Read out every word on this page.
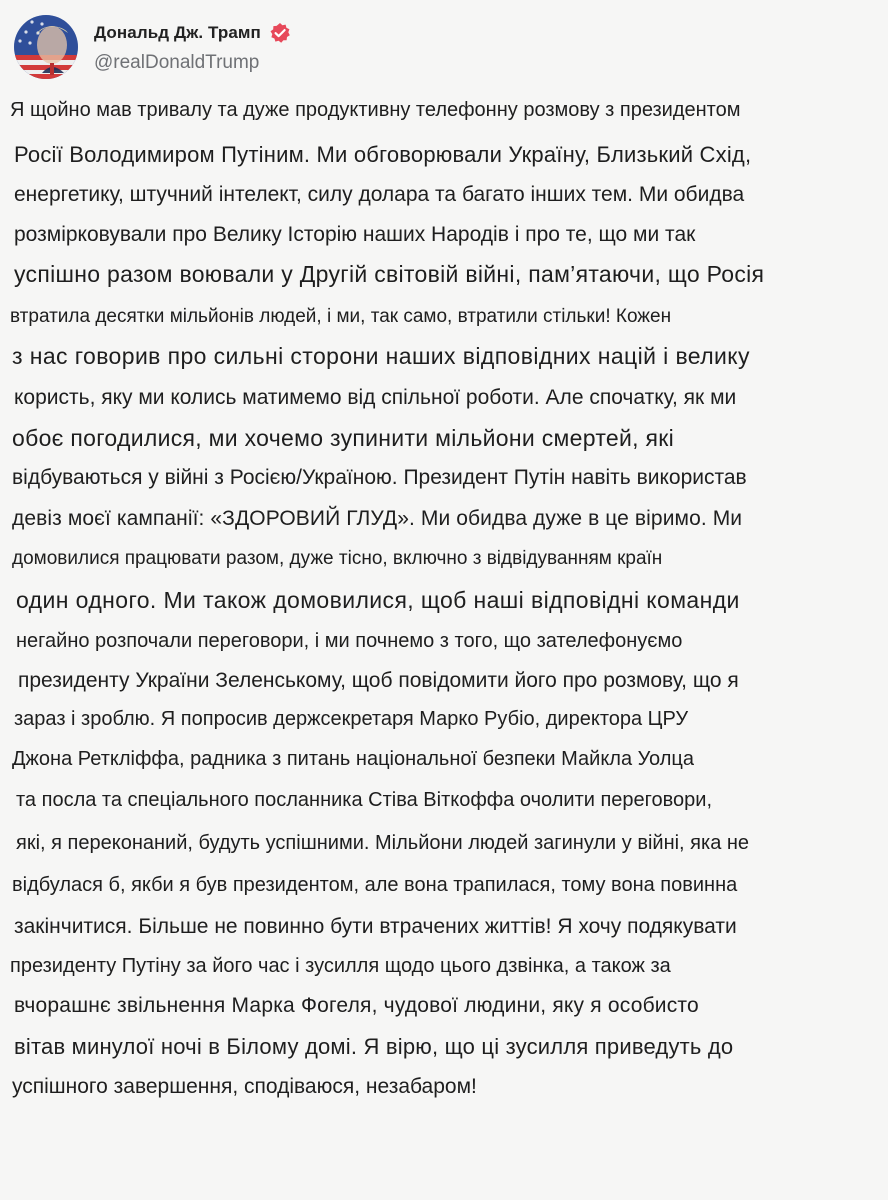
Дональд Дж. Трамп
@realDonaldTrump
Я щойно мав тривалу та дуже продуктивну телефонну розмову з президентом
Росії Володимиром Путіним. Ми обговорювали Україну, Близький Схід,
енергетику, штучний інтелект, силу долара та багато інших тем. Ми обидва
розмірковували про Велику Історію наших Народів і про те, що ми так
успішно разом воювали у Другій світовій війні, пам’ятаючи, що Росія
втратила десятки мільйонів людей, і ми, так само, втратили стільки! Кожен
з нас говорив про сильні сторони наших відповідних націй і велику
користь, яку ми колись матимемо від спільної роботи. Але спочатку, як ми
обоє погодилися, ми хочемо зупинити мільйони смертей, які
відбуваються у війні з Росією/Україною. Президент Путін навіть використав
девіз моєї кампанії: «ЗДОРОВИЙ ГЛУД». Ми обидва дуже в це віримо. Ми
домовилися працювати разом, дуже тісно, включно з відвідуванням країн
один одного. Ми також домовилися, щоб наші відповідні команди
негайно розпочали переговори, і ми почнемо з того, що зателефонуємо
президенту України Зеленському, щоб повідомити його про розмову, що я
зараз і зроблю. Я попросив держсекретаря Марко Рубіо, директора ЦРУ
Джона Реткліффа, радника з питань національної безпеки Майкла Уолца
та посла та спеціального посланника Стіва Віткоффа очолити переговори,
які, я переконаний, будуть успішними. Мільйони людей загинули у війні, яка не
відбулася б, якби я був президентом, але вона трапилася, тому вона повинна
закінчитися. Більше не повинно бути втрачених життів! Я хочу подякувати
президенту Путіну за його час і зусилля щодо цього дзвінка, а також за
вчорашнє звільнення Марка Фогеля, чудової людини, яку я особисто
вітав минулої ночі в Білому домі. Я вірю, що ці зусилля приведуть до
успішного завершення, сподіваюся, незабаром!
